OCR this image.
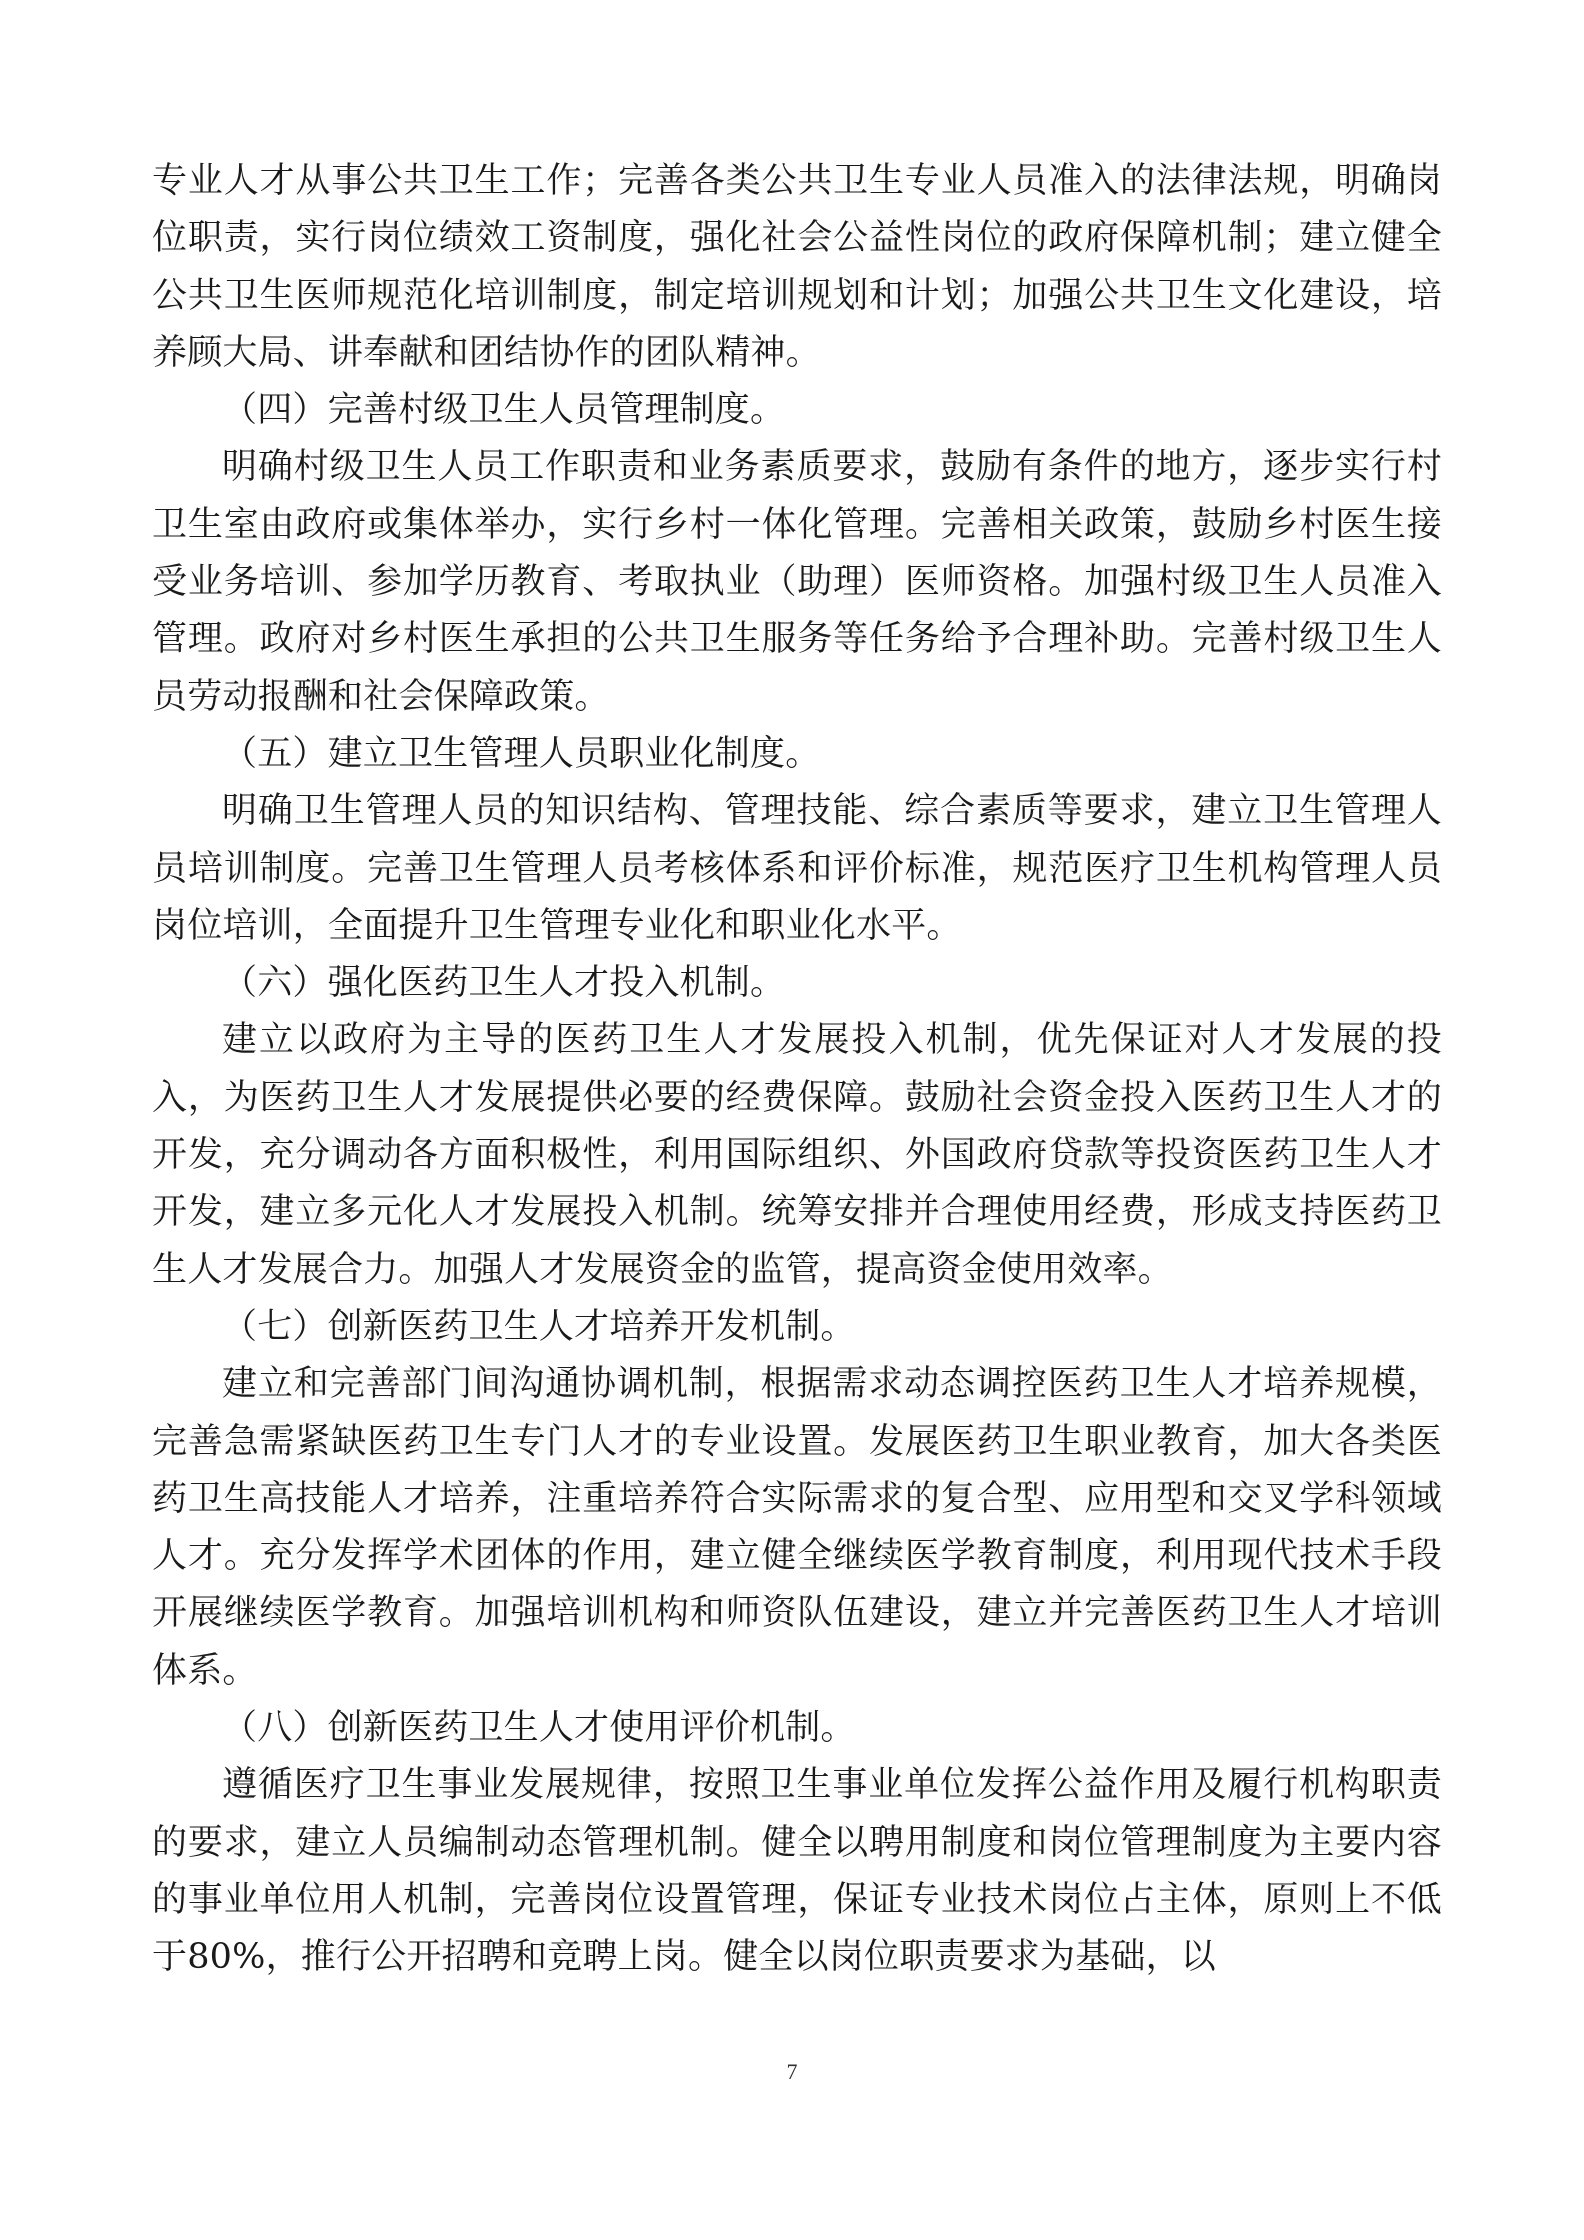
专业人才从事公共卫生工作；完善各类公共卫生专业人员准入的法律法规，明确岗位职责，实行岗位绩效工资制度，强化社会公益性岗位的政府保障机制；建立健全公共卫生医师规范化培训制度，制定培训规划和计划；加强公共卫生文化建设，培养顾大局、讲奉献和团结协作的团队精神。

（四）完善村级卫生人员管理制度。

明确村级卫生人员工作职责和业务素质要求，鼓励有条件的地方，逐步实行村卫生室由政府或集体举办，实行乡村一体化管理。完善相关政策，鼓励乡村医生接受业务培训、参加学历教育、考取执业（助理）医师资格。加强村级卫生人员准入管理。政府对乡村医生承担的公共卫生服务等任务给予合理补助。完善村级卫生人员劳动报酬和社会保障政策。

（五）建立卫生管理人员职业化制度。

明确卫生管理人员的知识结构、管理技能、综合素质等要求，建立卫生管理人员培训制度。完善卫生管理人员考核体系和评价标准，规范医疗卫生机构管理人员岗位培训，全面提升卫生管理专业化和职业化水平。

（六）强化医药卫生人才投入机制。

建立以政府为主导的医药卫生人才发展投入机制，优先保证对人才发展的投入，为医药卫生人才发展提供必要的经费保障。鼓励社会资金投入医药卫生人才的开发，充分调动各方面积极性，利用国际组织、外国政府贷款等投资医药卫生人才开发，建立多元化人才发展投入机制。统筹安排并合理使用经费，形成支持医药卫生人才发展合力。加强人才发展资金的监管，提高资金使用效率。

（七）创新医药卫生人才培养开发机制。

建立和完善部门间沟通协调机制，根据需求动态调控医药卫生人才培养规模，完善急需紧缺医药卫生专门人才的专业设置。发展医药卫生职业教育，加大各类医药卫生高技能人才培养，注重培养符合实际需求的复合型、应用型和交叉学科领域人才。充分发挥学术团体的作用，建立健全继续医学教育制度，利用现代技术手段开展继续医学教育。加强培训机构和师资队伍建设，建立并完善医药卫生人才培训体系。

（八）创新医药卫生人才使用评价机制。

遵循医疗卫生事业发展规律，按照卫生事业单位发挥公益作用及履行机构职责的要求，建立人员编制动态管理机制。健全以聘用制度和岗位管理制度为主要内容的事业单位用人机制，完善岗位设置管理，保证专业技术岗位占主体，原则上不低于80%，推行公开招聘和竞聘上岗。健全以岗位职责要求为基础，以

7
